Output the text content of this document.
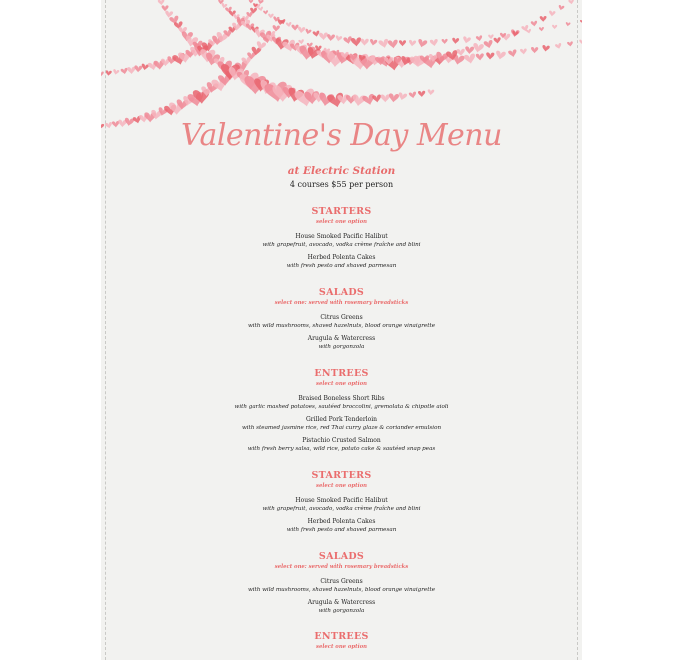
Valentine's Day Menu
at Electric Station
4 courses $55 per person
STARTERS
select one option
House Smoked Pacific Halibut
with grapefruit, avocado, vodka crème fraîche and blini
Herbed Polenta Cakes
with fresh pesto and shaved parmesan
SALADS
select one: served with rosemary breadsticks
Citrus Greens
with wild mushrooms, shaved hazelnuts, blood orange vinaigrette
Arugula & Watercress
with gorgonzola
ENTREES
select one option
Braised Boneless Short Ribs
with garlic mashed potatoes, sautéed broccolini, gremolata & chipotle aioli
Grilled Pork Tenderloin
with steamed jasmine rice, red Thai curry glaze & coriander emulsion
Pistachio Crusted Salmon
with fresh berry salsa, wild rice, potato cake & sautéed snap peas
STARTERS
select one option
House Smoked Pacific Halibut
with grapefruit, avocado, vodka crème fraîche and blini
Herbed Polenta Cakes
with fresh pesto and shaved parmesan
SALADS
select one: served with rosemary breadsticks
Citrus Greens
with wild mushrooms, shaved hazelnuts, blood orange vinaigrette
Arugula & Watercress
with gorgonzola
ENTREES
select one option
